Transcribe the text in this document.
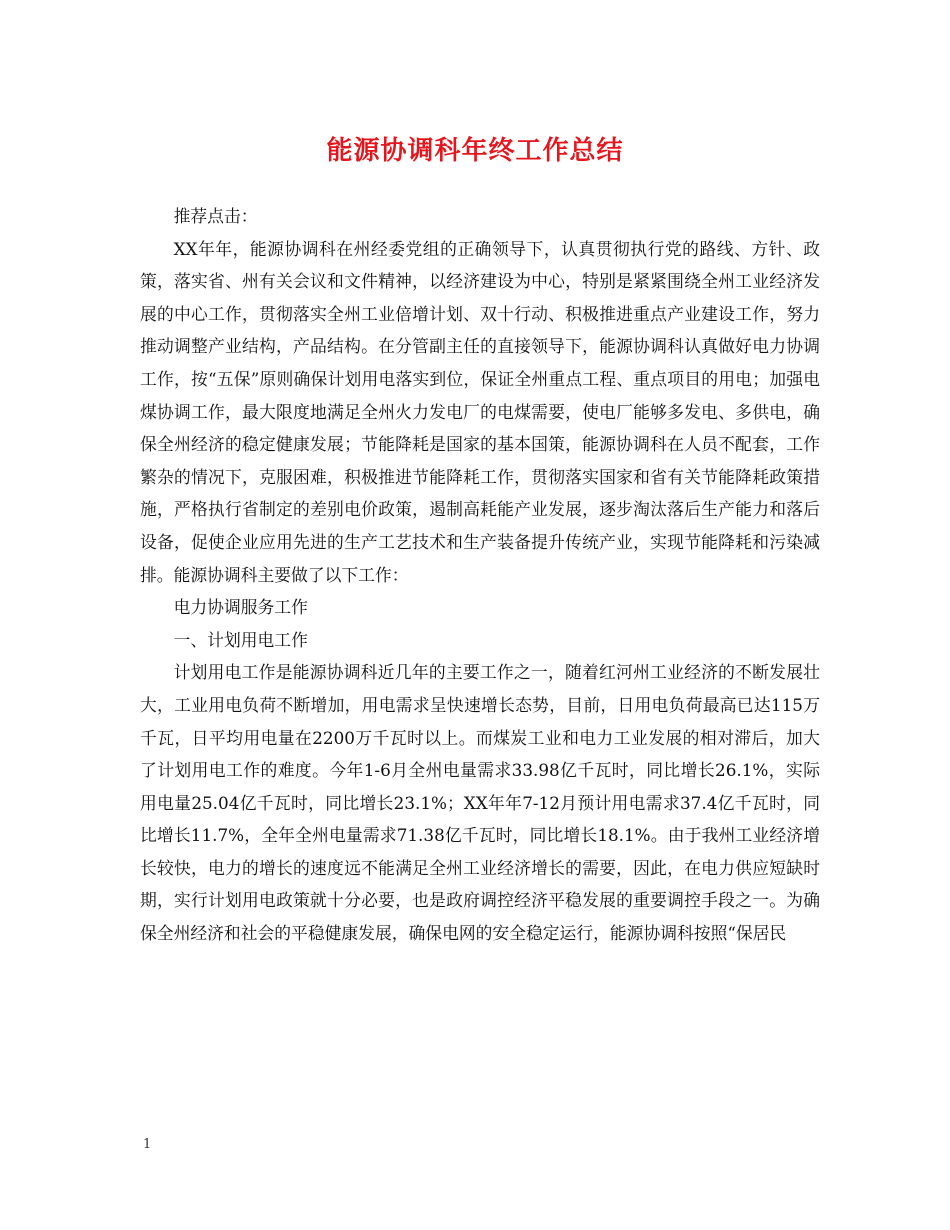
能源协调科年终工作总结

推荐点击：

XX年年，能源协调科在州经委党组的正确领导下，认真贯彻执行党的路线、方针、政策，落实省、州有关会议和文件精神，以经济建设为中心，特别是紧紧围绕全州工业经济发展的中心工作，贯彻落实全州工业倍增计划、双十行动、积极推进重点产业建设工作，努力推动调整产业结构，产品结构。在分管副主任的直接领导下，能源协调科认真做好电力协调工作，按“五保”原则确保计划用电落实到位，保证全州重点工程、重点项目的用电；加强电煤协调工作，最大限度地满足全州火力发电厂的电煤需要，使电厂能够多发电、多供电，确保全州经济的稳定健康发展；节能降耗是国家的基本国策，能源协调科在人员不配套，工作繁杂的情况下，克服困难，积极推进节能降耗工作，贯彻落实国家和省有关节能降耗政策措施，严格执行省制定的差别电价政策，遏制高耗能产业发展，逐步淘汰落后生产能力和落后设备，促使企业应用先进的生产工艺技术和生产装备提升传统产业，实现节能降耗和污染减排。能源协调科主要做了以下工作：

电力协调服务工作

一、计划用电工作

计划用电工作是能源协调科近几年的主要工作之一，随着红河州工业经济的不断发展壮大，工业用电负荷不断增加，用电需求呈快速增长态势，目前，日用电负荷最高已达115万千瓦，日平均用电量在2200万千瓦时以上。而煤炭工业和电力工业发展的相对滞后，加大了计划用电工作的难度。今年1-6月全州电量需求33.98亿千瓦时，同比增长26.1%，实际用电量25.04亿千瓦时，同比增长23.1%；XX年年7-12月预计用电需求37.4亿千瓦时，同比增长11.7%，全年全州电量需求71.38亿千瓦时，同比增长18.1%。由于我州工业经济增长较快，电力的增长的速度远不能满足全州工业经济增长的需要，因此，在电力供应短缺时期，实行计划用电政策就十分必要，也是政府调控经济平稳发展的重要调控手段之一。为确保全州经济和社会的平稳健康发展，确保电网的安全稳定运行，能源协调科按照“保居民

1
